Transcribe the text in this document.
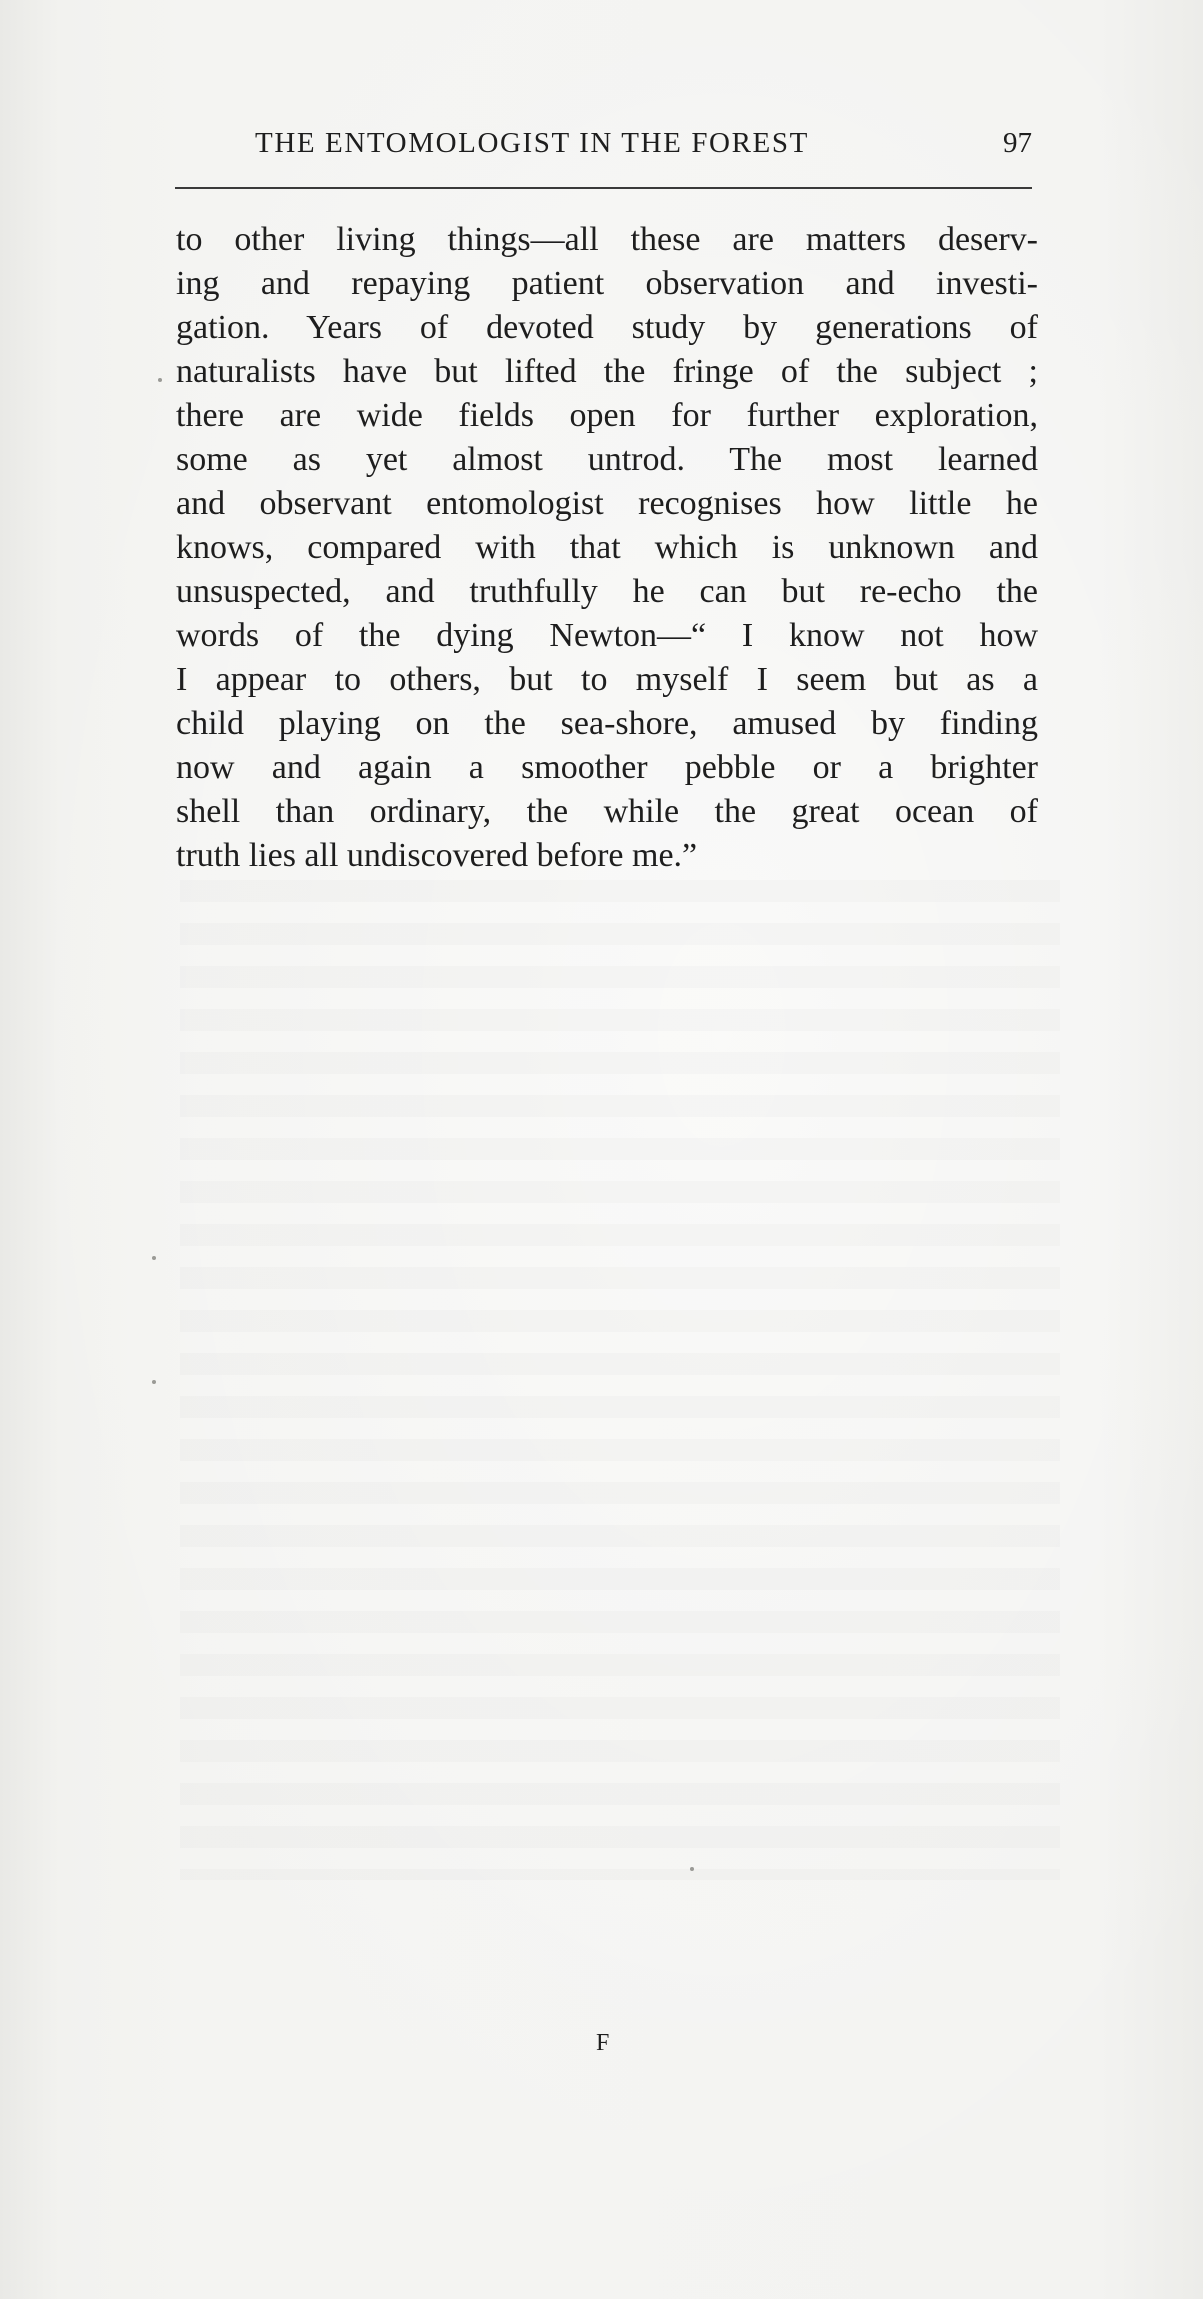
THE ENTOMOLOGIST IN THE FOREST	97
to other living things—all these are matters deserv-
ing and repaying patient observation and investi-
gation. Years of devoted study by generations of
naturalists have but lifted the fringe of the subject ;
there are wide fields open for further exploration,
some as yet almost untrod. The most learned
and observant entomologist recognises how little he
knows, compared with that which is unknown and
unsuspected, and truthfully he can but re-echo the
words of the dying Newton—“ I know not how
I appear to others, but to myself I seem but as a
child playing on the sea-shore, amused by finding
now and again a smoother pebble or a brighter
shell than ordinary, the while the great ocean of
truth lies all undiscovered before me.”
F
